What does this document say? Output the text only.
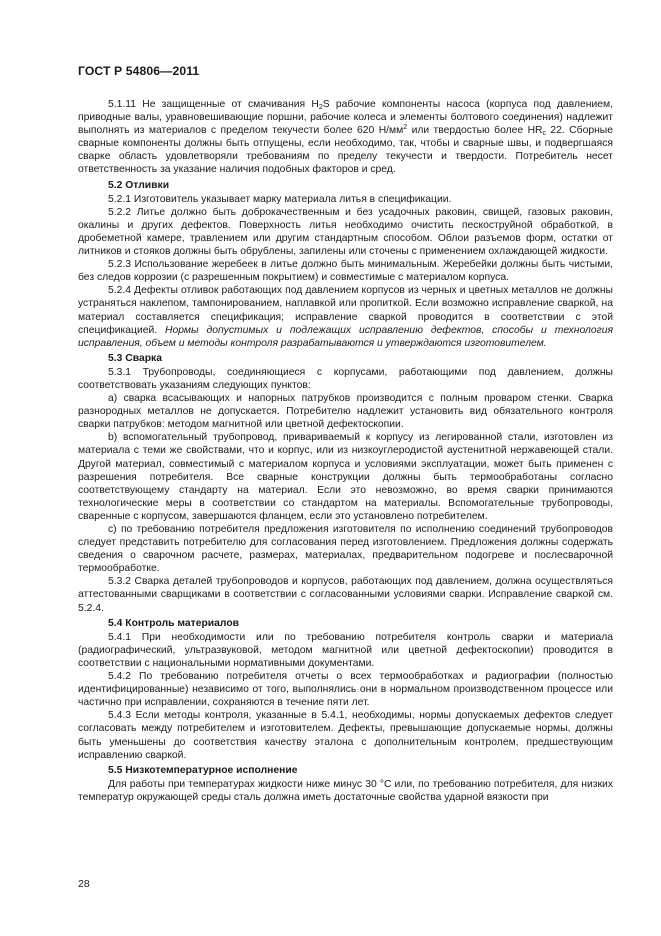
ГОСТ Р 54806—2011

5.1.11 Не защищенные от смачивания $H_2S$ рабочие компоненты насоса (корпуса под давлением, приводные валы, уравновешивающие поршни, рабочие колеса и элементы болтового соединения) надлежит выполнять из материалов с пределом текучести более 620 $Н/мм^2$ или твердостью более $HR_c$ 22. Сборные сварные компоненты должны быть отпущены, если необходимо, так, чтобы и сварные швы, и подвергшаяся сварке область удовлетворяли требованиям по пределу текучести и твердости. Потребитель несет ответственность за указание наличия подобных факторов и сред.

5.2 Отливки

5.2.1 Изготовитель указывает марку материала литья в спецификации.

5.2.2 Литье должно быть доброкачественным и без усадочных раковин, свищей, газовых раковин, окалины и других дефектов. Поверхность литья необходимо очистить пескоструйной обработкой, в дробеметной камере, травлением или другим стандартным способом. Облои разъемов форм, остатки от литников и стояков должны быть обрублены, запилены или сточены с применением охлаждающей жидкости.

5.2.3 Использование жеребеек в литье должно быть минимальным. Жеребейки должны быть чистыми, без следов коррозии (с разрешенным покрытием) и совместимые с материалом корпуса.

5.2.4 Дефекты отливок работающих под давлением корпусов из черных и цветных металлов не должны устраняться наклепом, тампонированием, наплавкой или пропиткой. Если возможно исправление сваркой, на материал составляется спецификация; исправление сваркой проводится в соответствии с этой спецификацией. Нормы допустимых и подлежащих исправлению дефектов, способы и технология исправления, объем и методы контроля разрабатываются и утверждаются изготовителем.

5.3 Сварка

5.3.1 Трубопроводы, соединяющиеся с корпусами, работающими под давлением, должны соответствовать указаниям следующих пунктов:

а) сварка всасывающих и напорных патрубков производится с полным проваром стенки. Сварка разнородных металлов не допускается. Потребителю надлежит установить вид обязательного контроля сварки патрубков: методом магнитной или цветной дефектоскопии.

b) вспомогательный трубопровод, привариваемый к корпусу из легированной стали, изготовлен из материала с теми же свойствами, что и корпус, или из низкоуглеродистой аустенитной нержавеющей стали. Другой материал, совместимый с материалом корпуса и условиями эксплуатации, может быть применен с разрешения потребителя. Все сварные конструкции должны быть термообработаны согласно соответствующему стандарту на материал. Если это невозможно, во время сварки принимаются технологические меры в соответствии со стандартом на материалы. Вспомогательные трубопроводы, сваренные с корпусом, завершаются фланцем, если это установлено потребителем.

с) по требованию потребителя предложения изготовителя по исполнению соединений трубопроводов следует представить потребителю для согласования перед изготовлением. Предложения должны содержать сведения о сварочном расчете, размерах, материалах, предварительном подогреве и послесварочной термообработке.

5.3.2 Сварка деталей трубопроводов и корпусов, работающих под давлением, должна осуществляться аттестованными сварщиками в соответствии с согласованными условиями сварки. Исправление сваркой см. 5.2.4.

5.4 Контроль материалов

5.4.1 При необходимости или по требованию потребителя контроль сварки и материала (радиографический, ультразвуковой, методом магнитной или цветной дефектоскопии) проводится в соответствии с национальными нормативными документами.

5.4.2 По требованию потребителя отчеты о всех термообработках и радиографии (полностью идентифицированные) независимо от того, выполнялись они в нормальном производственном процессе или частично при исправлении, сохраняются в течение пяти лет.

5.4.3 Если методы контроля, указанные в 5.4.1, необходимы, нормы допускаемых дефектов следует согласовать между потребителем и изготовителем. Дефекты, превышающие допускаемые нормы, должны быть уменьшены до соответствия качеству эталона с дополнительным контролем, предшествующим исправлению сваркой.

5.5 Низкотемпературное исполнение

Для работы при температурах жидкости ниже минус 30 °С или, по требованию потребителя, для низких температур окружающей среды сталь должна иметь достаточные свойства ударной вязкости при

28
